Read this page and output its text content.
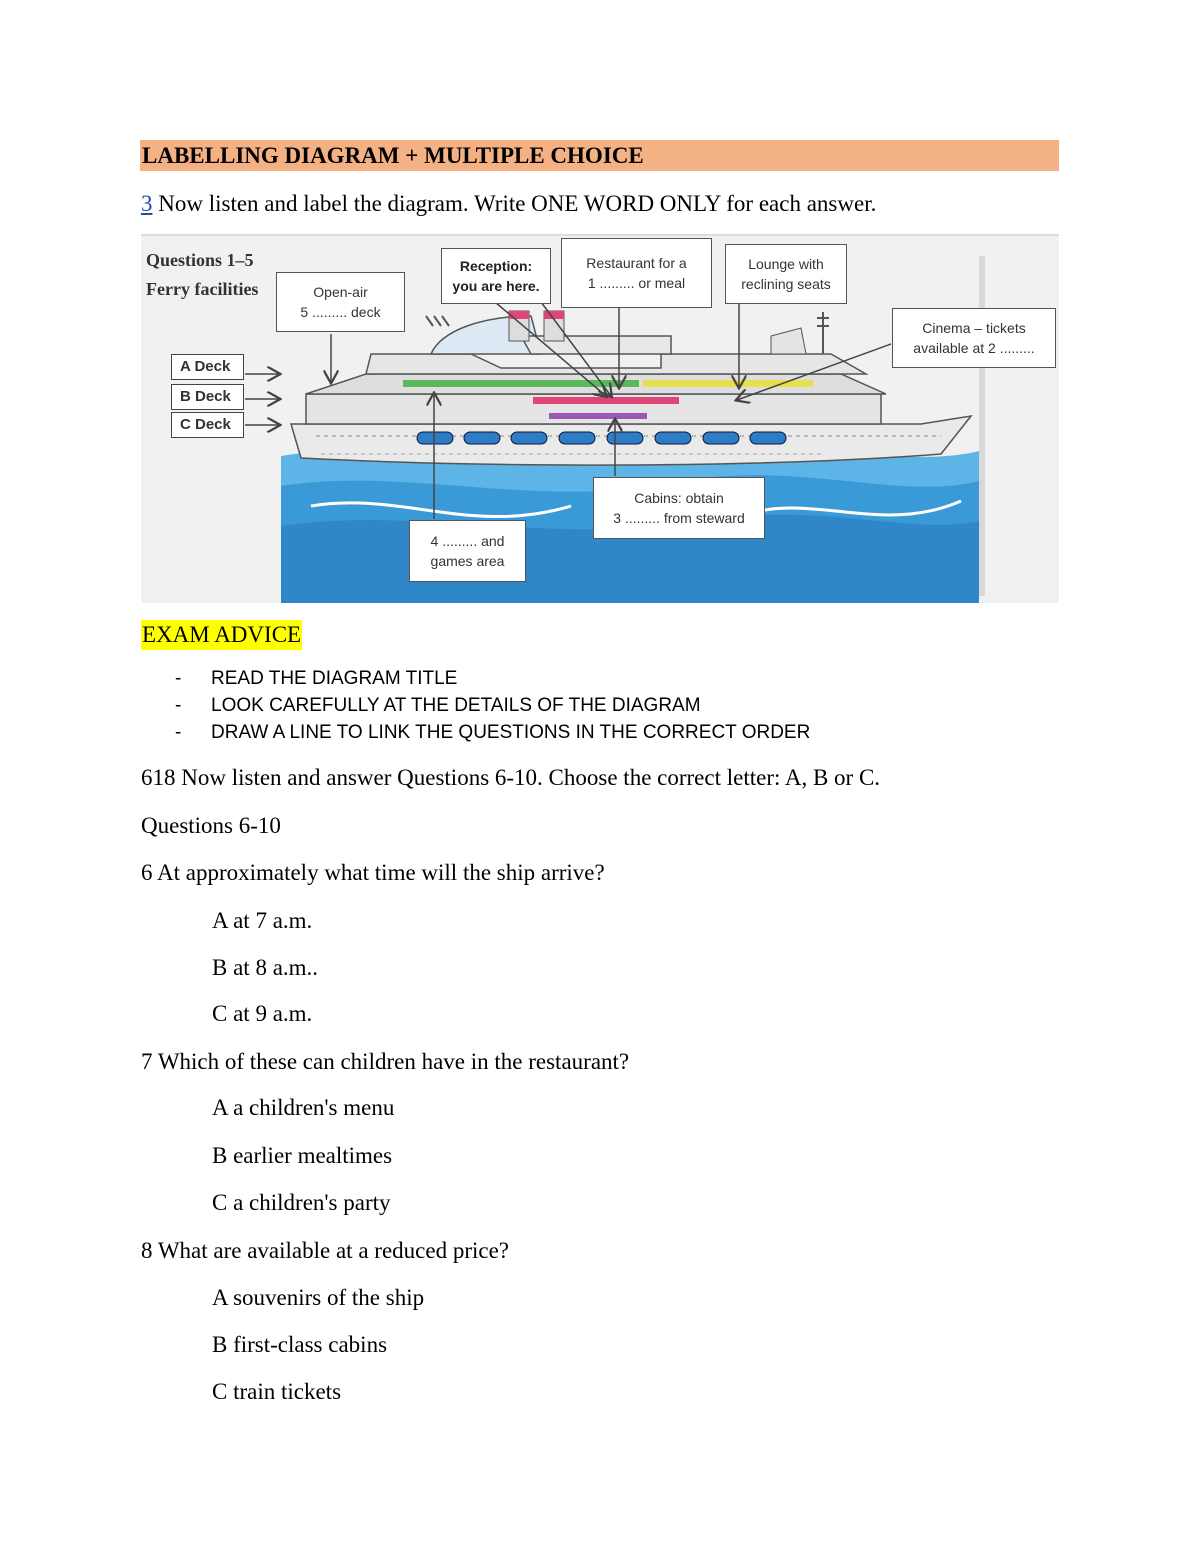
LABELLING DIAGRAM + MULTIPLE CHOICE
3 Now listen and label the diagram. Write ONE WORD ONLY for each answer.
Questions 1–5
Ferry facilities
A Deck
B Deck
C Deck
Open-air
5 ......... deck
Reception:
you are here.
Restaurant for a
1 ......... or meal
Lounge with
reclining seats
Cinema – tickets
available at 2 .........
Cabins: obtain
3 ......... from steward
4 ......... and
games area
EXAM ADVICE
-	READ THE DIAGRAM TITLE
-	LOOK CAREFULLY AT THE DETAILS OF THE DIAGRAM
-	DRAW A LINE TO LINK THE QUESTIONS IN THE CORRECT ORDER
618 Now listen and answer Questions 6-10. Choose the correct letter: A, B or C.
Questions 6-10
6 At approximately what time will the ship arrive?
A at 7 a.m.
B at 8 a.m..
C at 9 a.m.
7 Which of these can children have in the restaurant?
A a children's menu
B earlier mealtimes
C a children's party
8 What are available at a reduced price?
A souvenirs of the ship
B first-class cabins
C train tickets
